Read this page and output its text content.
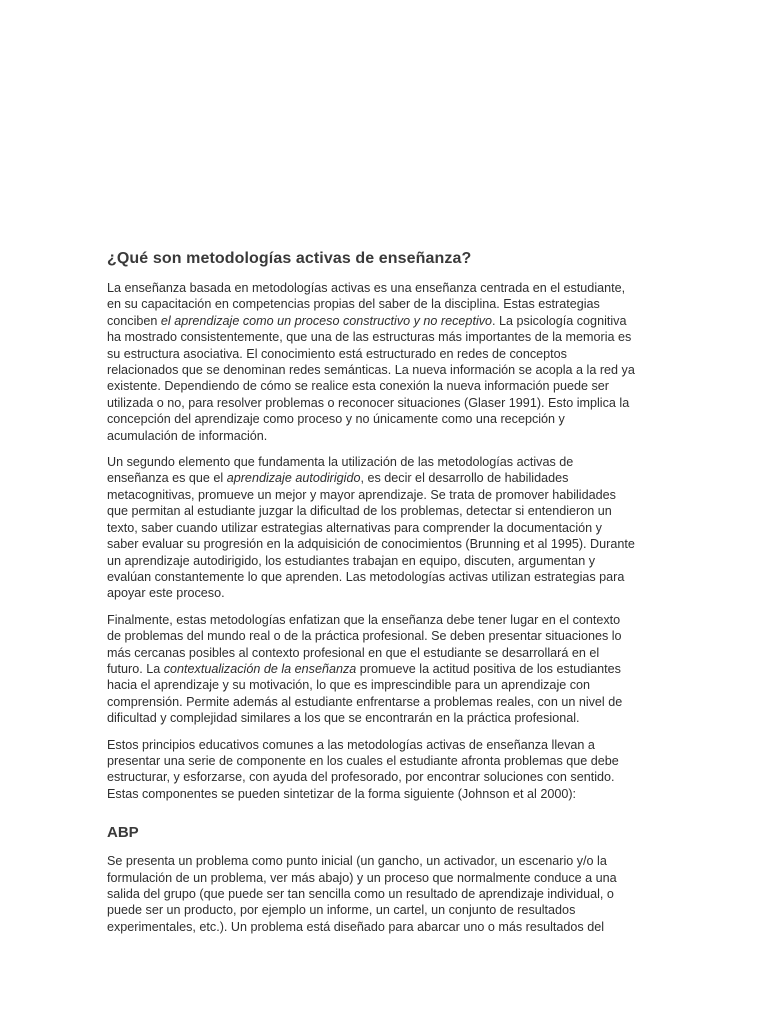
¿Qué son metodologías activas de enseñanza?

La enseñanza basada en metodologías activas es una enseñanza centrada en el estudiante, en su capacitación en competencias propias del saber de la disciplina. Estas estrategias conciben el aprendizaje como un proceso constructivo y no receptivo. La psicología cognitiva ha mostrado consistentemente, que una de las estructuras más importantes de la memoria es su estructura asociativa. El conocimiento está estructurado en redes de conceptos relacionados que se denominan redes semánticas. La nueva información se acopla a la red ya existente. Dependiendo de cómo se realice esta conexión la nueva información puede ser utilizada o no, para resolver problemas o reconocer situaciones (Glaser 1991). Esto implica la concepción del aprendizaje como proceso y no únicamente como una recepción y acumulación de información.

Un segundo elemento que fundamenta la utilización de las metodologías activas de enseñanza es que el aprendizaje autodirigido, es decir el desarrollo de habilidades metacognitivas, promueve un mejor y mayor aprendizaje. Se trata de promover habilidades que permitan al estudiante juzgar la dificultad de los problemas, detectar si entendieron un texto, saber cuando utilizar estrategias alternativas para comprender la documentación y saber evaluar su progresión en la adquisición de conocimientos (Brunning et al 1995). Durante un aprendizaje autodirigido, los estudiantes trabajan en equipo, discuten, argumentan y evalúan constantemente lo que aprenden. Las metodologías activas utilizan estrategias para apoyar este proceso.

Finalmente, estas metodologías enfatizan que la enseñanza debe tener lugar en el contexto de problemas del mundo real o de la práctica profesional. Se deben presentar situaciones lo más cercanas posibles al contexto profesional en que el estudiante se desarrollará en el futuro. La contextualización de la enseñanza promueve la actitud positiva de los estudiantes hacia el aprendizaje y su motivación, lo que es imprescindible para un aprendizaje con comprensión. Permite además al estudiante enfrentarse a problemas reales, con un nivel de dificultad y complejidad similares a los que se encontrarán en la práctica profesional.

Estos principios educativos comunes a las metodologías activas de enseñanza llevan a presentar una serie de componente en los cuales el estudiante afronta problemas que debe estructurar, y esforzarse, con ayuda del profesorado, por encontrar soluciones con sentido. Estas componentes se pueden sintetizar de la forma siguiente (Johnson et al 2000):

ABP

Se presenta un problema como punto inicial (un gancho, un activador, un escenario y/o la formulación de un problema, ver más abajo) y un proceso que normalmente conduce a una salida del grupo (que puede ser tan sencilla como un resultado de aprendizaje individual, o puede ser un producto, por ejemplo un informe, un cartel, un conjunto de resultados experimentales, etc.). Un problema está diseñado para abarcar uno o más resultados del
